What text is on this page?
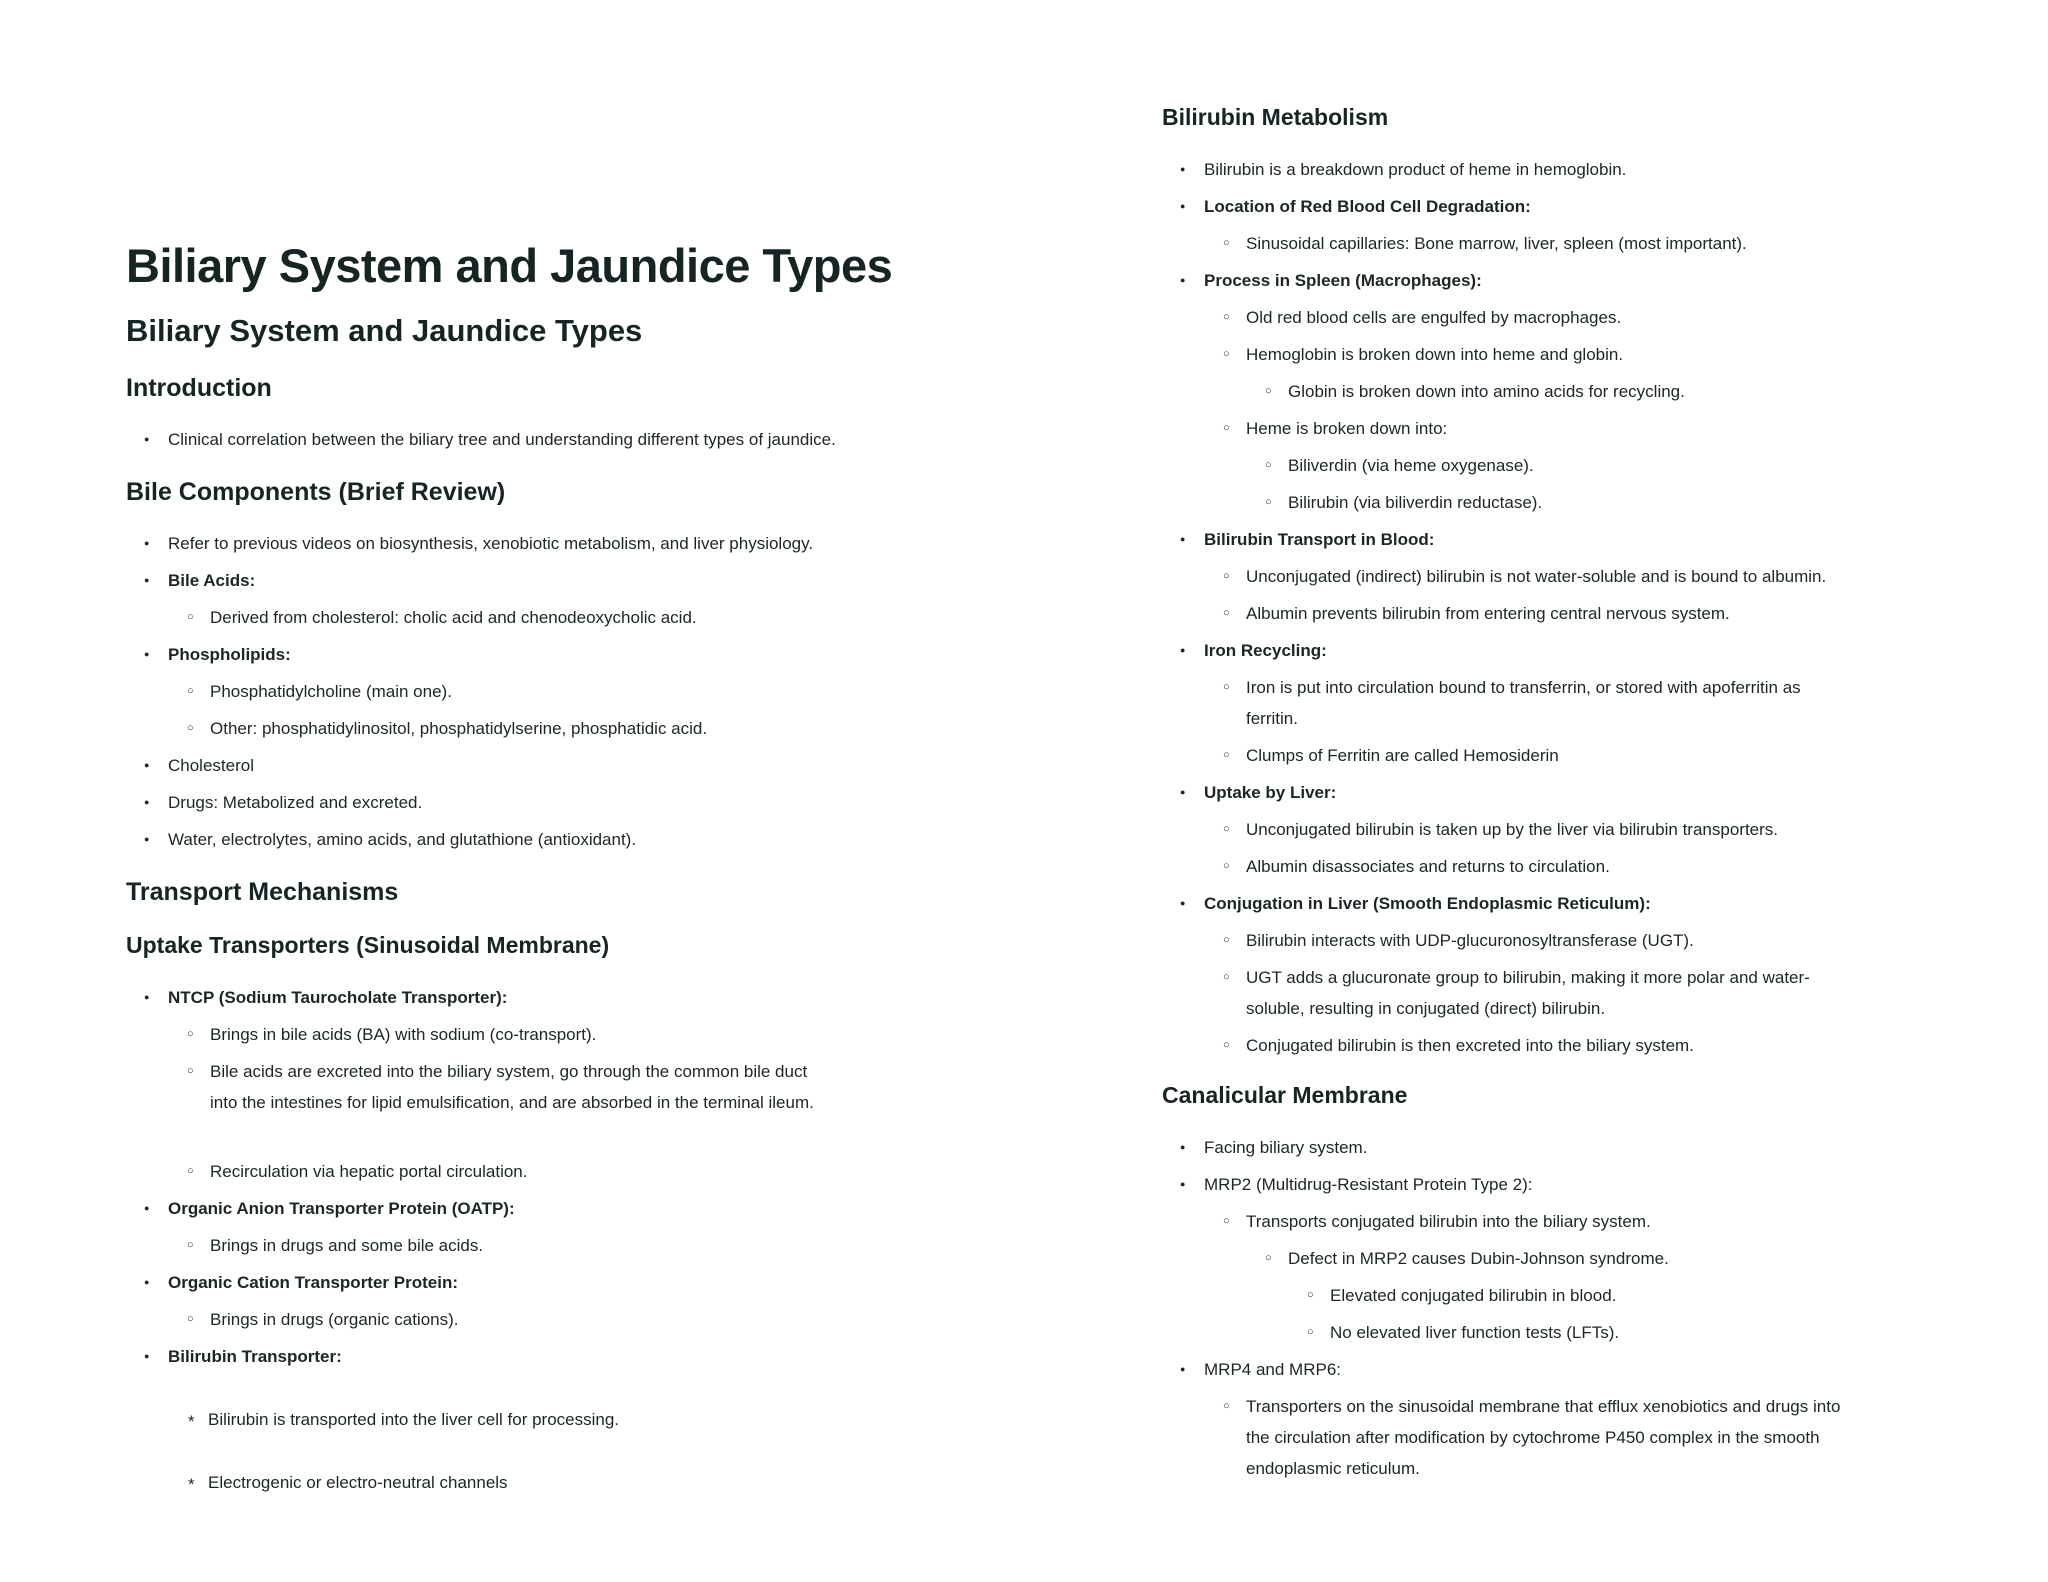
Biliary System and Jaundice Types
Biliary System and Jaundice Types
Introduction
● Clinical correlation between the biliary tree and understanding different types of jaundice.
Bile Components (Brief Review)
● Refer to previous videos on biosynthesis, xenobiotic metabolism, and liver physiology.
● Bile Acids:
○ Derived from cholesterol: cholic acid and chenodeoxycholic acid.
● Phospholipids:
○ Phosphatidylcholine (main one).
○ Other: phosphatidylinositol, phosphatidylserine, phosphatidic acid.
● Cholesterol
● Drugs: Metabolized and excreted.
● Water, electrolytes, amino acids, and glutathione (antioxidant).
Transport Mechanisms
Uptake Transporters (Sinusoidal Membrane)
● NTCP (Sodium Taurocholate Transporter):
○ Brings in bile acids (BA) with sodium (co-transport).
○ Bile acids are excreted into the biliary system, go through the common bile duct into the intestines for lipid emulsification, and are absorbed in the terminal ileum.
○ Recirculation via hepatic portal circulation.
● Organic Anion Transporter Protein (OATP):
○ Brings in drugs and some bile acids.
● Organic Cation Transporter Protein:
○ Brings in drugs (organic cations).
● Bilirubin Transporter:
* Bilirubin is transported into the liver cell for processing.
* Electrogenic or electro-neutral channels
Bilirubin Metabolism
● Bilirubin is a breakdown product of heme in hemoglobin.
● Location of Red Blood Cell Degradation:
○ Sinusoidal capillaries: Bone marrow, liver, spleen (most important).
● Process in Spleen (Macrophages):
○ Old red blood cells are engulfed by macrophages.
○ Hemoglobin is broken down into heme and globin.
○ Globin is broken down into amino acids for recycling.
○ Heme is broken down into:
○ Biliverdin (via heme oxygenase).
○ Bilirubin (via biliverdin reductase).
● Bilirubin Transport in Blood:
○ Unconjugated (indirect) bilirubin is not water-soluble and is bound to albumin.
○ Albumin prevents bilirubin from entering central nervous system.
● Iron Recycling:
○ Iron is put into circulation bound to transferrin, or stored with apoferritin as ferritin.
○ Clumps of Ferritin are called Hemosiderin
● Uptake by Liver:
○ Unconjugated bilirubin is taken up by the liver via bilirubin transporters.
○ Albumin disassociates and returns to circulation.
● Conjugation in Liver (Smooth Endoplasmic Reticulum):
○ Bilirubin interacts with UDP-glucuronosyltransferase (UGT).
○ UGT adds a glucuronate group to bilirubin, making it more polar and water-soluble, resulting in conjugated (direct) bilirubin.
○ Conjugated bilirubin is then excreted into the biliary system.
Canalicular Membrane
● Facing biliary system.
● MRP2 (Multidrug-Resistant Protein Type 2):
○ Transports conjugated bilirubin into the biliary system.
○ Defect in MRP2 causes Dubin-Johnson syndrome.
○ Elevated conjugated bilirubin in blood.
○ No elevated liver function tests (LFTs).
● MRP4 and MRP6:
○ Transporters on the sinusoidal membrane that efflux xenobiotics and drugs into the circulation after modification by cytochrome P450 complex in the smooth endoplasmic reticulum.
